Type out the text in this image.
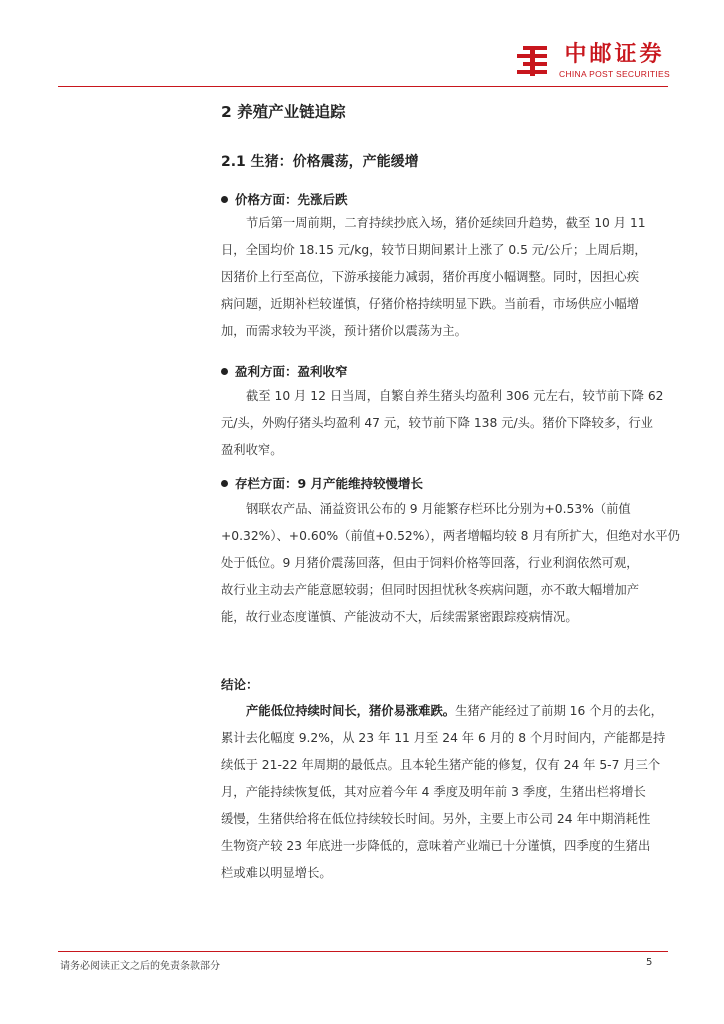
中邮证券
CHINA POST SECURITIES
2 养殖产业链追踪
2.1 生猪：价格震荡，产能缓增
价格方面：先涨后跌
节后第一周前期，二育持续抄底入场，猪价延续回升趋势，截至 10 月 11
日，全国均价 18.15 元/kg，较节日期间累计上涨了 0.5 元/公斤；上周后期，
因猪价上行至高位，下游承接能力减弱，猪价再度小幅调整。同时，因担心疾
病问题，近期补栏较谨慎，仔猪价格持续明显下跌。当前看，市场供应小幅增
加，而需求较为平淡，预计猪价以震荡为主。
盈利方面：盈利收窄
截至 10 月 12 日当周，自繁自养生猪头均盈利 306 元左右，较节前下降 62
元/头，外购仔猪头均盈利 47 元，较节前下降 138 元/头。猪价下降较多，行业
盈利收窄。
存栏方面：9 月产能维持较慢增长
钢联农产品、涌益资讯公布的 9 月能繁存栏环比分别为+0.53%（前值
+0.32%）、+0.60%（前值+0.52%），两者增幅均较 8 月有所扩大，但绝对水平仍
处于低位。9 月猪价震荡回落，但由于饲料价格等回落，行业利润依然可观，
故行业主动去产能意愿较弱；但同时因担忧秋冬疾病问题，亦不敢大幅增加产
能，故行业态度谨慎、产能波动不大，后续需紧密跟踪疫病情况。
结论：
产能低位持续时间长，猪价易涨难跌。生猪产能经过了前期 16 个月的去化，
累计去化幅度 9.2%，从 23 年 11 月至 24 年 6 月的 8 个月时间内，产能都是持
续低于 21-22 年周期的最低点。且本轮生猪产能的修复，仅有 24 年 5-7 月三个
月，产能持续恢复低，其对应着今年 4 季度及明年前 3 季度，生猪出栏将增长
缓慢，生猪供给将在低位持续较长时间。另外，主要上市公司 24 年中期消耗性
生物资产较 23 年底进一步降低的，意味着产业端已十分谨慎，四季度的生猪出
栏或难以明显增长。
请务必阅读正文之后的免责条款部分	5
